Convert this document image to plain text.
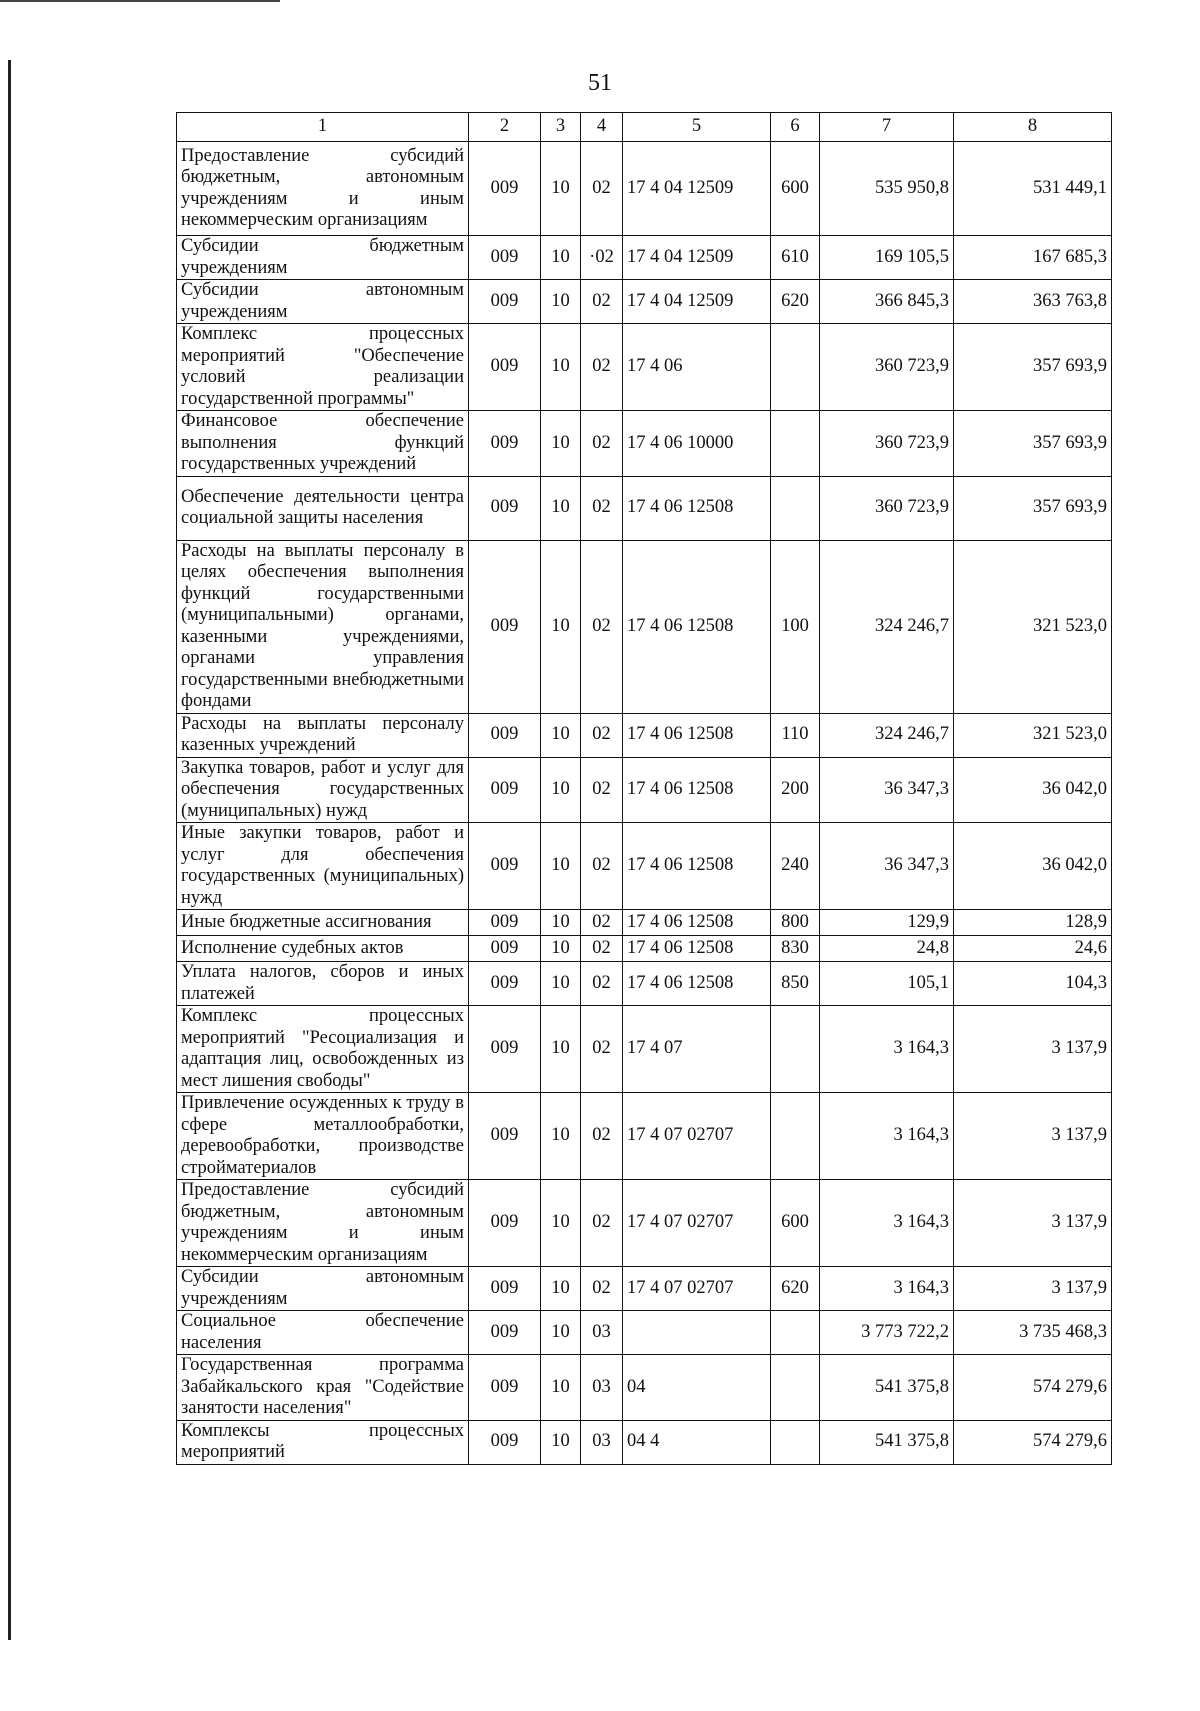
51
1	2	3	4	5	6	7	8
Предоставление субсидий бюджетным, автономным учреждениям и иным некоммерческим организациям	009	10	02	17 4 04 12509	600	535 950,8	531 449,1
Субсидии бюджетным учреждениям	009	10	·02	17 4 04 12509	610	169 105,5	167 685,3
Субсидии автономным учреждениям	009	10	02	17 4 04 12509	620	366 845,3	363 763,8
Комплекс процессных мероприятий "Обеспечение условий реализации государственной программы"	009	10	02	17 4 06		360 723,9	357 693,9
Финансовое обеспечение выполнения функций государственных учреждений	009	10	02	17 4 06 10000		360 723,9	357 693,9
Обеспечение деятельности центра социальной защиты населения	009	10	02	17 4 06 12508		360 723,9	357 693,9
Расходы на выплаты персоналу в целях обеспечения выполнения функций государственными (муниципальными) органами, казенными учреждениями, органами управления государственными внебюджетными фондами	009	10	02	17 4 06 12508	100	324 246,7	321 523,0
Расходы на выплаты персоналу казенных учреждений	009	10	02	17 4 06 12508	110	324 246,7	321 523,0
Закупка товаров, работ и услуг для обеспечения государственных (муниципальных) нужд	009	10	02	17 4 06 12508	200	36 347,3	36 042,0
Иные закупки товаров, работ и услуг для обеспечения государственных (муниципальных) нужд	009	10	02	17 4 06 12508	240	36 347,3	36 042,0
Иные бюджетные ассигнования	009	10	02	17 4 06 12508	800	129,9	128,9
Исполнение судебных актов	009	10	02	17 4 06 12508	830	24,8	24,6
Уплата налогов, сборов и иных платежей	009	10	02	17 4 06 12508	850	105,1	104,3
Комплекс процессных мероприятий "Ресоциализация и адаптация лиц, освобожденных из мест лишения свободы"	009	10	02	17 4 07		3 164,3	3 137,9
Привлечение осужденных к труду в сфере металлообработки, деревообработки, производстве стройматериалов	009	10	02	17 4 07 02707		3 164,3	3 137,9
Предоставление субсидий бюджетным, автономным учреждениям и иным некоммерческим организациям	009	10	02	17 4 07 02707	600	3 164,3	3 137,9
Субсидии автономным учреждениям	009	10	02	17 4 07 02707	620	3 164,3	3 137,9
Социальное обеспечение населения	009	10	03			3 773 722,2	3 735 468,3
Государственная программа Забайкальского края "Содействие занятости населения"	009	10	03	04		541 375,8	574 279,6
Комплексы процессных мероприятий	009	10	03	04 4		541 375,8	574 279,6
